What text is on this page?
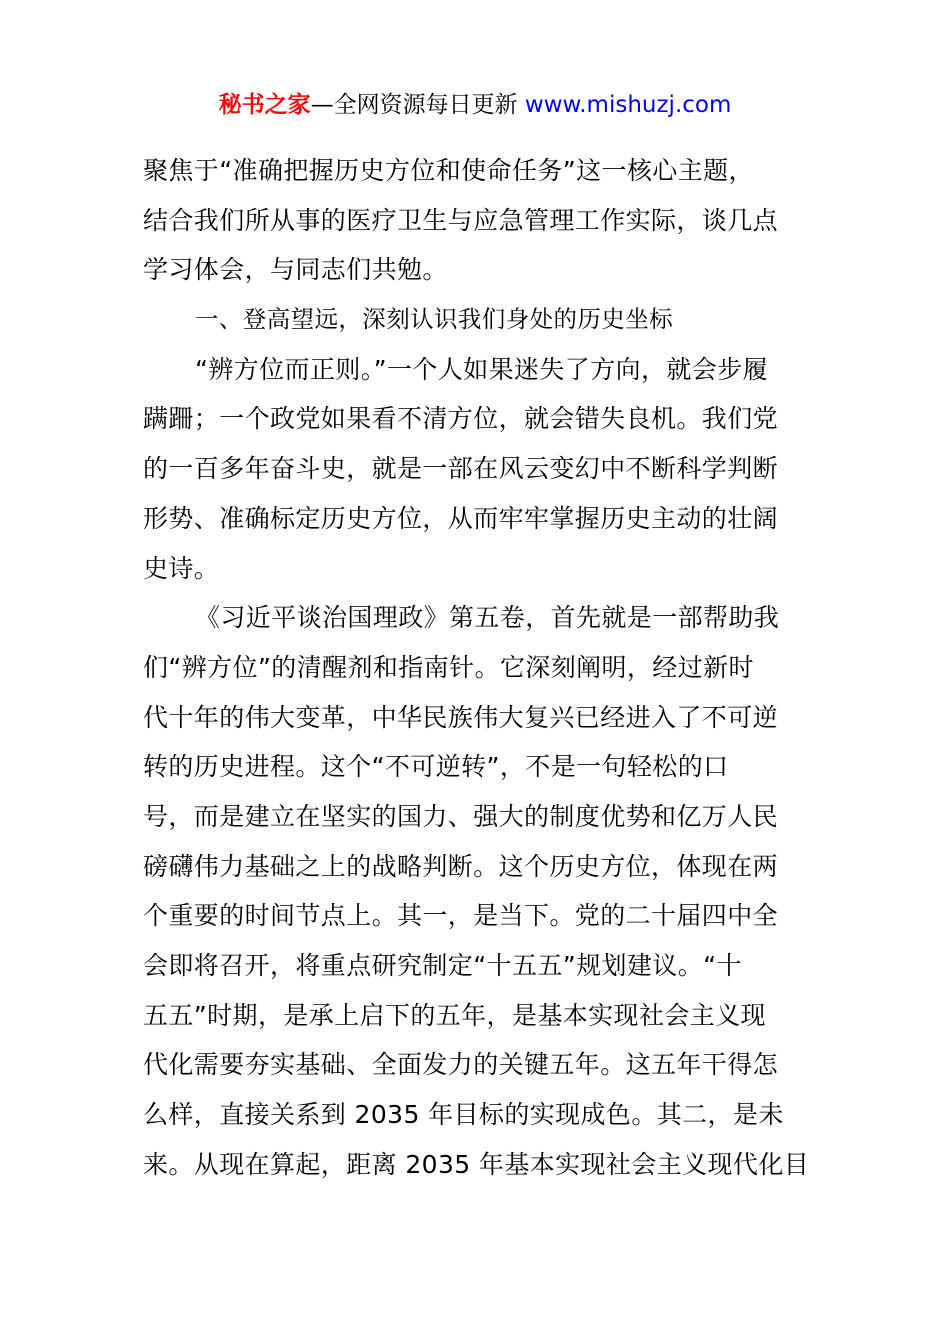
秘书之家—全网资源每日更新 www.mishuzj.com
聚焦于“准确把握历史方位和使命任务”这一核心主题，
结合我们所从事的医疗卫生与应急管理工作实际，谈几点
学习体会，与同志们共勉。
一、登高望远，深刻认识我们身处的历史坐标
“辨方位而正则。”一个人如果迷失了方向，就会步履
蹒跚；一个政党如果看不清方位，就会错失良机。我们党
的一百多年奋斗史，就是一部在风云变幻中不断科学判断
形势、准确标定历史方位，从而牢牢掌握历史主动的壮阔
史诗。
《习近平谈治国理政》第五卷，首先就是一部帮助我
们“辨方位”的清醒剂和指南针。它深刻阐明，经过新时
代十年的伟大变革，中华民族伟大复兴已经进入了不可逆
转的历史进程。这个“不可逆转”，不是一句轻松的口
号，而是建立在坚实的国力、强大的制度优势和亿万人民
磅礴伟力基础之上的战略判断。这个历史方位，体现在两
个重要的时间节点上。其一，是当下。党的二十届四中全
会即将召开，将重点研究制定“十五五”规划建议。“十
五五”时期，是承上启下的五年，是基本实现社会主义现
代化需要夯实基础、全面发力的关键五年。这五年干得怎
么样，直接关系到 2035 年目标的实现成色。其二，是未
来。从现在算起，距离 2035 年基本实现社会主义现代化目
